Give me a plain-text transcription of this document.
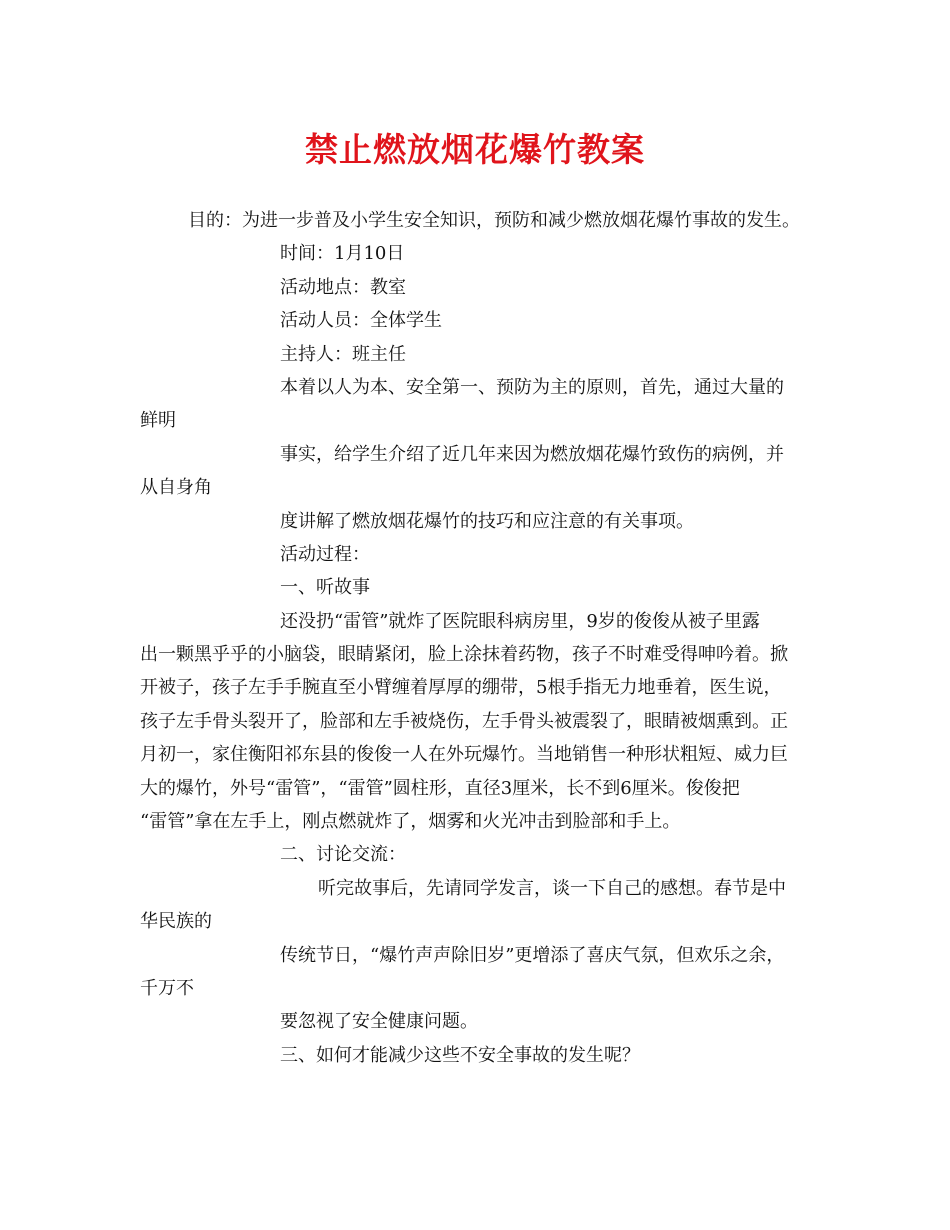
禁止燃放烟花爆竹教案
目的：为进一步普及小学生安全知识，预防和减少燃放烟花爆竹事故的发生。
时间：1月10日
活动地点：教室
活动人员：全体学生
主持人：班主任
本着以人为本、安全第一、预防为主的原则，首先，通过大量的
鲜明
事实，给学生介绍了近几年来因为燃放烟花爆竹致伤的病例，并
从自身角
度讲解了燃放烟花爆竹的技巧和应注意的有关事项。
活动过程：
一、听故事
还没扔“雷管”就炸了医院眼科病房里，9岁的俊俊从被子里露
出一颗黑乎乎的小脑袋，眼睛紧闭，脸上涂抹着药物，孩子不时难受得呻吟着。掀
开被子，孩子左手手腕直至小臂缠着厚厚的绷带，5根手指无力地垂着，医生说，
孩子左手骨头裂开了，脸部和左手被烧伤，左手骨头被震裂了，眼睛被烟熏到。正
月初一，家住衡阳祁东县的俊俊一人在外玩爆竹。当地销售一种形状粗短、威力巨
大的爆竹，外号“雷管”，“雷管”圆柱形，直径3厘米，长不到6厘米。俊俊把
“雷管”拿在左手上，刚点燃就炸了，烟雾和火光冲击到脸部和手上。
二、讨论交流：
听完故事后，先请同学发言，谈一下自己的感想。春节是中
华民族的
传统节日，“爆竹声声除旧岁”更增添了喜庆气氛，但欢乐之余，
千万不
要忽视了安全健康问题。
三、如何才能减少这些不安全事故的发生呢？
